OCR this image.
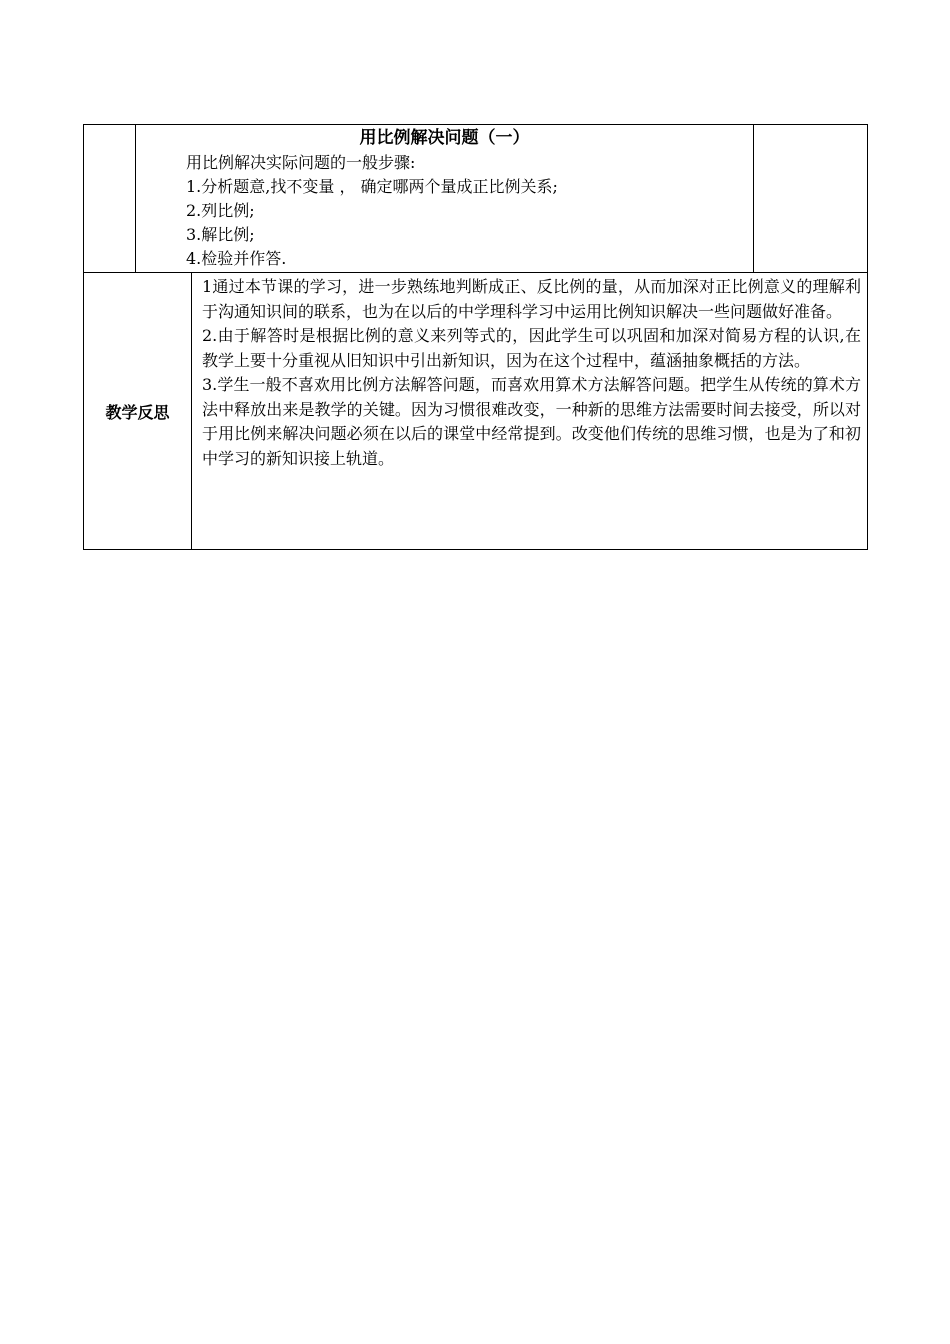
用比例解决问题（一）
用比例解决实际问题的一般步骤:
1.分析题意,找不变量 ， 确定哪两个量成正比例关系;
2.列比例;
3.解比例;
4.检验并作答.
教学反思

1通过本节课的学习，进一步熟练地判断成正、反比例的量，从而加深对正比例意义的理解利于沟通知识间的联系，也为在以后的中学理科学习中运用比例知识解决一些问题做好准备。

2.由于解答时是根据比例的意义来列等式的，因此学生可以巩固和加深对简易方程的认识,在教学上要十分重视从旧知识中引出新知识，因为在这个过程中，蕴涵抽象概括的方法。

3.学生一般不喜欢用比例方法解答问题，而喜欢用算术方法解答问题。把学生从传统的算术方法中释放出来是教学的关键。因为习惯很难改变，一种新的思维方法需要时间去接受，所以对于用比例来解决问题必须在以后的课堂中经常提到。改变他们传统的思维习惯，也是为了和初中学习的新知识接上轨道。
